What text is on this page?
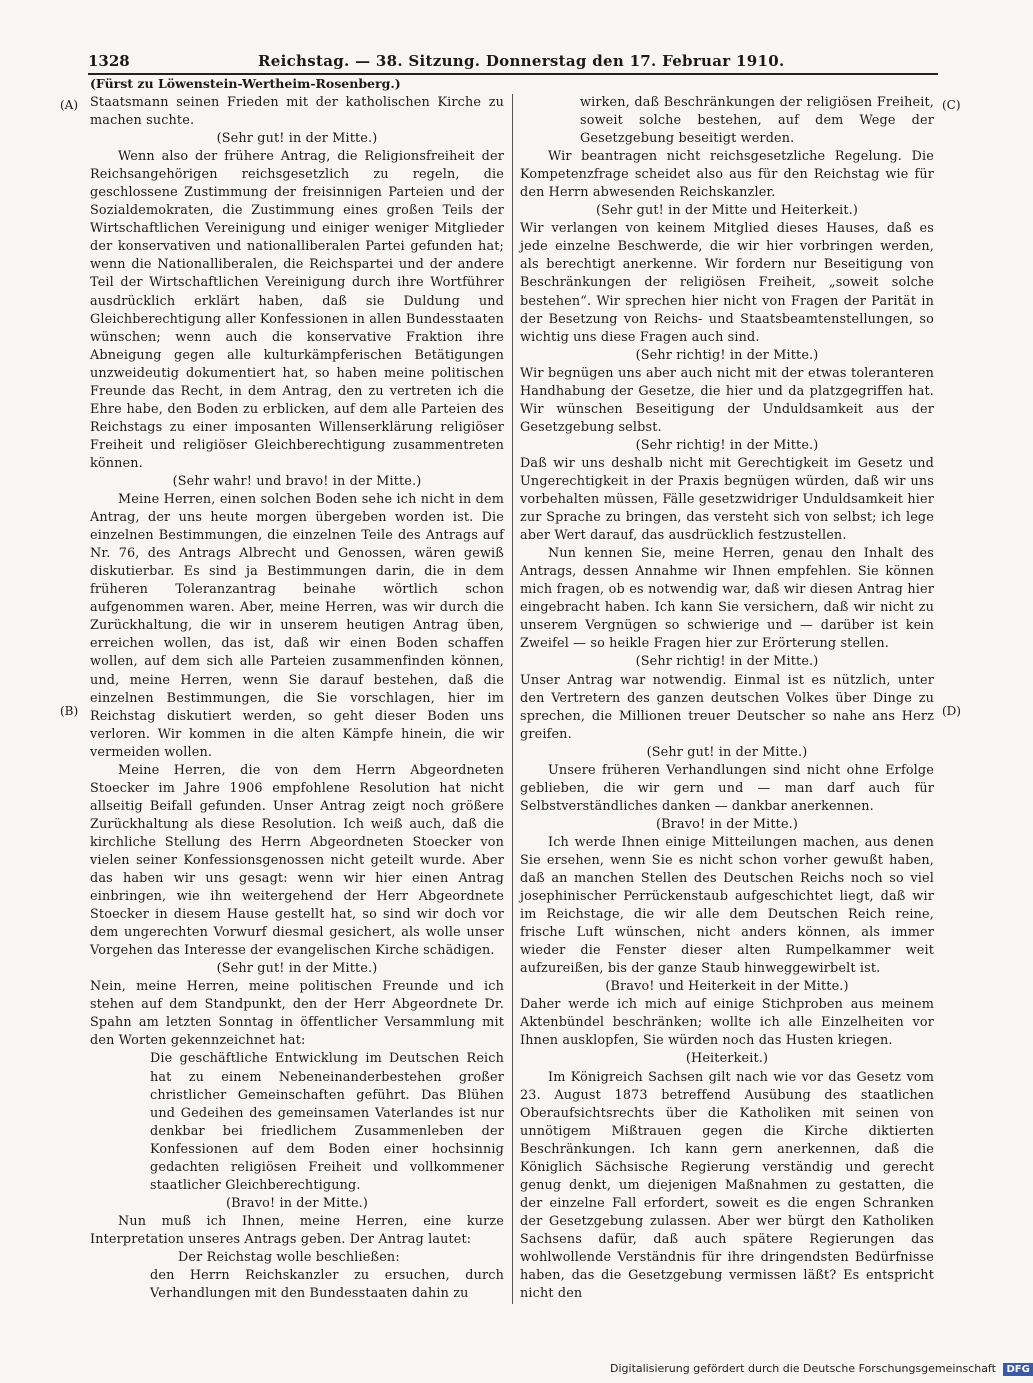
1328	Reichstag. — 38. Sitzung. Donnerstag den 17. Februar 1910.
(Fürst zu Löwenstein-Wertheim-Rosenberg.)
(A)
(B)
(C)
(D)

Staatsmann seinen Frieden mit der katholischen Kirche zu machen suchte.

(Sehr gut! in der Mitte.)

Wenn also der frühere Antrag, die Religionsfreiheit der Reichsangehörigen reichsgesetzlich zu regeln, die geschlossene Zustimmung der freisinnigen Parteien und der Sozialdemokraten, die Zustimmung eines großen Teils der Wirtschaftlichen Vereinigung und einiger weniger Mitglieder der konservativen und nationalliberalen Partei gefunden hat; wenn die Nationalliberalen, die Reichspartei und der andere Teil der Wirtschaftlichen Vereinigung durch ihre Wortführer ausdrücklich erklärt haben, daß sie Duldung und Gleichberechtigung aller Konfessionen in allen Bundesstaaten wünschen; wenn auch die konservative Fraktion ihre Abneigung gegen alle kulturkämpferischen Betätigungen unzweideutig dokumentiert hat, so haben meine politischen Freunde das Recht, in dem Antrag, den zu vertreten ich die Ehre habe, den Boden zu erblicken, auf dem alle Parteien des Reichstags zu einer imposanten Willenserklärung religiöser Freiheit und religiöser Gleichberechtigung zusammentreten können.

(Sehr wahr! und bravo! in der Mitte.)

Meine Herren, einen solchen Boden sehe ich nicht in dem Antrag, der uns heute morgen übergeben worden ist. Die einzelnen Bestimmungen, die einzelnen Teile des Antrags auf Nr. 76, des Antrags Albrecht und Genossen, wären gewiß diskutierbar. Es sind ja Bestimmungen darin, die in dem früheren Toleranzantrag beinahe wörtlich schon aufgenommen waren. Aber, meine Herren, was wir durch die Zurückhaltung, die wir in unserem heutigen Antrag üben, erreichen wollen, das ist, daß wir einen Boden schaffen wollen, auf dem sich alle Parteien zusammenfinden können, und, meine Herren, wenn Sie darauf bestehen, daß die einzelnen Bestimmungen, die Sie vorschlagen, hier im Reichstag diskutiert werden, so geht dieser Boden uns verloren. Wir kommen in die alten Kämpfe hinein, die wir vermeiden wollen.

Meine Herren, die von dem Herrn Abgeordneten Stoecker im Jahre 1906 empfohlene Resolution hat nicht allseitig Beifall gefunden. Unser Antrag zeigt noch größere Zurückhaltung als diese Resolution. Ich weiß auch, daß die kirchliche Stellung des Herrn Abgeordneten Stoecker von vielen seiner Konfessionsgenossen nicht geteilt wurde. Aber das haben wir uns gesagt: wenn wir hier einen Antrag einbringen, wie ihn weitergehend der Herr Abgeordnete Stoecker in diesem Hause gestellt hat, so sind wir doch vor dem ungerechten Vorwurf diesmal gesichert, als wolle unser Vorgehen das Interesse der evangelischen Kirche schädigen.

(Sehr gut! in der Mitte.)

Nein, meine Herren, meine politischen Freunde und ich stehen auf dem Standpunkt, den der Herr Abgeordnete Dr. Spahn am letzten Sonntag in öffentlicher Versammlung mit den Worten gekennzeichnet hat:

Die geschäftliche Entwicklung im Deutschen Reich hat zu einem Nebeneinanderbestehen großer christlicher Gemeinschaften geführt. Das Blühen und Gedeihen des gemeinsamen Vaterlandes ist nur denkbar bei friedlichem Zusammenleben der Konfessionen auf dem Boden einer hochsinnig gedachten religiösen Freiheit und vollkommener staatlicher Gleichberechtigung.

(Bravo! in der Mitte.)

Nun muß ich Ihnen, meine Herren, eine kurze Interpretation unseres Antrags geben. Der Antrag lautet:

Der Reichstag wolle beschließen:

den Herrn Reichskanzler zu ersuchen, durch Verhandlungen mit den Bundesstaaten dahin zu

wirken, daß Beschränkungen der religiösen Freiheit, soweit solche bestehen, auf dem Wege der Gesetzgebung beseitigt werden.

Wir beantragen nicht reichsgesetzliche Regelung. Die Kompetenzfrage scheidet also aus für den Reichstag wie für den Herrn abwesenden Reichskanzler.

(Sehr gut! in der Mitte und Heiterkeit.)

Wir verlangen von keinem Mitglied dieses Hauses, daß es jede einzelne Beschwerde, die wir hier vorbringen werden, als berechtigt anerkenne. Wir fordern nur Beseitigung von Beschränkungen der religiösen Freiheit, „soweit solche bestehen“. Wir sprechen hier nicht von Fragen der Parität in der Besetzung von Reichs- und Staatsbeamtenstellungen, so wichtig uns diese Fragen auch sind.

(Sehr richtig! in der Mitte.)

Wir begnügen uns aber auch nicht mit der etwas toleranteren Handhabung der Gesetze, die hier und da platzgegriffen hat. Wir wünschen Beseitigung der Unduldsamkeit aus der Gesetzgebung selbst.

(Sehr richtig! in der Mitte.)

Daß wir uns deshalb nicht mit Gerechtigkeit im Gesetz und Ungerechtigkeit in der Praxis begnügen würden, daß wir uns vorbehalten müssen, Fälle gesetzwidriger Unduldsamkeit hier zur Sprache zu bringen, das versteht sich von selbst; ich lege aber Wert darauf, das ausdrücklich festzustellen.

Nun kennen Sie, meine Herren, genau den Inhalt des Antrags, dessen Annahme wir Ihnen empfehlen. Sie können mich fragen, ob es notwendig war, daß wir diesen Antrag hier eingebracht haben. Ich kann Sie versichern, daß wir nicht zu unserem Vergnügen so schwierige und — darüber ist kein Zweifel — so heikle Fragen hier zur Erörterung stellen.

(Sehr richtig! in der Mitte.)

Unser Antrag war notwendig. Einmal ist es nützlich, unter den Vertretern des ganzen deutschen Volkes über Dinge zu sprechen, die Millionen treuer Deutscher so nahe ans Herz greifen.

(Sehr gut! in der Mitte.)

Unsere früheren Verhandlungen sind nicht ohne Erfolge geblieben, die wir gern und — man darf auch für Selbstverständliches danken — dankbar anerkennen.

(Bravo! in der Mitte.)

Ich werde Ihnen einige Mitteilungen machen, aus denen Sie ersehen, wenn Sie es nicht schon vorher gewußt haben, daß an manchen Stellen des Deutschen Reichs noch so viel josephinischer Perrückenstaub aufgeschichtet liegt, daß wir im Reichstage, die wir alle dem Deutschen Reich reine, frische Luft wünschen, nicht anders können, als immer wieder die Fenster dieser alten Rumpelkammer weit aufzureißen, bis der ganze Staub hinweggewirbelt ist.

(Bravo! und Heiterkeit in der Mitte.)

Daher werde ich mich auf einige Stichproben aus meinem Aktenbündel beschränken; wollte ich alle Einzelheiten vor Ihnen ausklopfen, Sie würden noch das Husten kriegen.

(Heiterkeit.)

Im Königreich Sachsen gilt nach wie vor das Gesetz vom 23. August 1873 betreffend Ausübung des staatlichen Oberaufsichtsrechts über die Katholiken mit seinen von unnötigem Mißtrauen gegen die Kirche diktierten Beschränkungen. Ich kann gern anerkennen, daß die Königlich Sächsische Regierung verständig und gerecht genug denkt, um diejenigen Maßnahmen zu gestatten, die der einzelne Fall erfordert, soweit es die engen Schranken der Gesetzgebung zulassen. Aber wer bürgt den Katholiken Sachsens dafür, daß auch spätere Regierungen das wohlwollende Verständnis für ihre dringendsten Bedürfnisse haben, das die Gesetzgebung vermissen läßt? Es entspricht nicht den

Digitalisierung gefördert durch die Deutsche Forschungsgemeinschaft DFG
